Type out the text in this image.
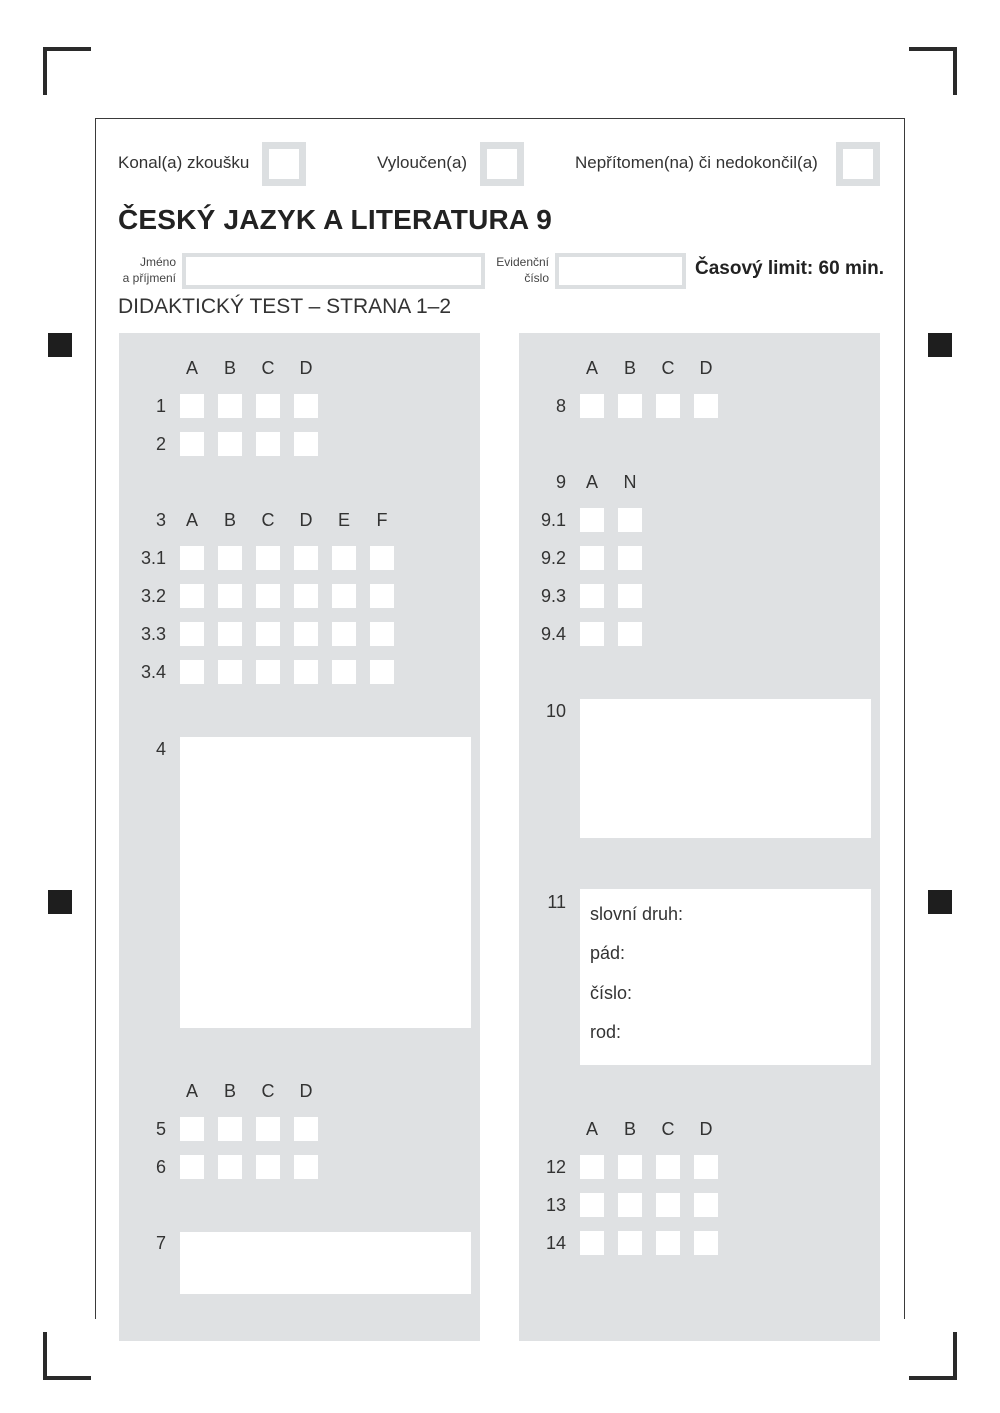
Konal(a) zkoušku	Vyloučen(a)	Nepřítomen(na) či nedokončil(a)
ČESKÝ JAZYK A LITERATURA 9
Jméno
a příjmení
Evidenční
číslo	Časový limit: 60 min.
DIDAKTICKÝ TEST – STRANA 1–2
A	B	C	D
1
2
3	A	B	C	D	E	F
3.1
3.2
3.3
3.4
4
A	B	C	D
5
6
7
A	B	C	D
8
9	A	N
9.1
9.2
9.3
9.4
10
11
slovní druh:
pád:
číslo:
rod:
A	B	C	D
12
13
14
